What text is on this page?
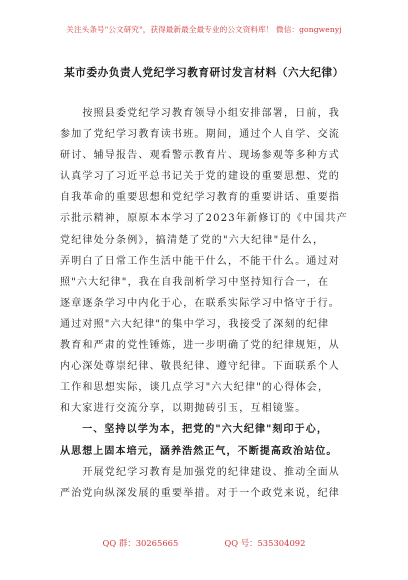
关注头条号"公文研究"，获得最新最全最专业的公文资料库！ 微信：gongwenyj
某市委办负责人党纪学习教育研讨发言材料（六大纪律）
　　按照县委党纪学习教育领导小组安排部署，日前，我
参加了党纪学习教育读书班。期间，通过个人自学、交流
研讨、辅导报告、观看警示教育片、现场参观等多种方式
认真学习了习近平总书记关于党的建设的重要思想、党的
自我革命的重要思想和党纪学习教育的重要讲话、重要指
示批示精神，原原本本学习了2023年新修订的《中国共产
党纪律处分条例》，搞清楚了党的"六大纪律"是什么，
弄明白了日常工作生活中能干什么，不能干什么。通过对
照"六大纪律"，我在自我剖析学习中坚持知行合一，在
逐章逐条学习中内化于心，在联系实际学习中恪守于行。
通过对照"六大纪律"的集中学习，我接受了深刻的纪律
教育和严肃的党性锤炼，进一步明确了党的纪律规矩，从
内心深处尊崇纪律、敬畏纪律、遵守纪律。下面联系个人
工作和思想实际，谈几点学习"六大纪律"的心得体会，
和大家进行交流分享，以期抛砖引玉，互相镜鉴。
　　一、坚持以学为本，把党的"六大纪律"刻印于心，
从思想上固本培元，涵养浩然正气，不断提高政治站位。
　　开展党纪学习教育是加强党的纪律建设、推动全面从
严治党向纵深发展的重要举措。对于一个政党来说，纪律
QQ 群：30265665	QQ 号：535304092
